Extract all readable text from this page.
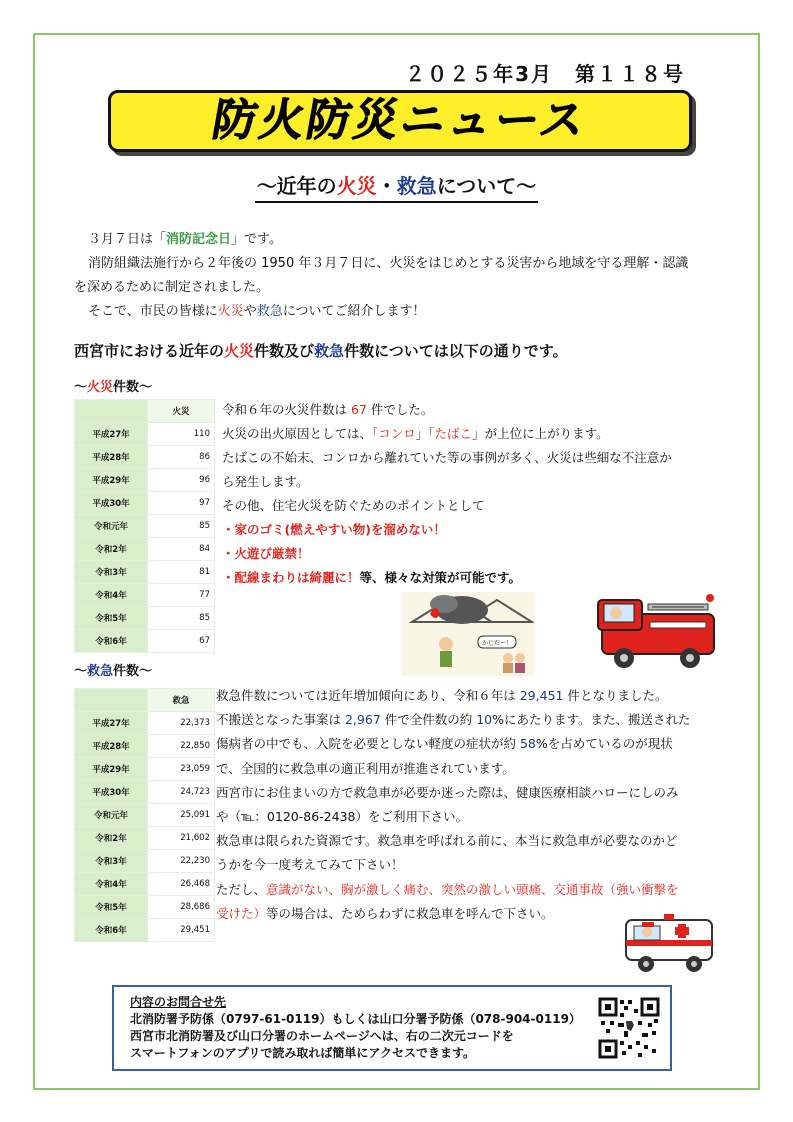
２０２５年3月　第１１８号
防火防災ニュース
～近年の火災・救急について～

３月７日は「消防記念日」です。

消防組織法施行から２年後の 1950 年３月７日に、火災をはじめとする災害から地域を守る理解・認識

を深めるために制定されました。

そこで、市民の皆様に火災や救急についてご紹介します！

西宮市における近年の火災件数及び救急件数については以下の通りです。
～火災件数～
	火災
平成27年	110
平成28年	86
平成29年	96
平成30年	97
令和元年	85
令和2年	84
令和3年	81
令和4年	77
令和5年	85
令和6年	67

令和６年の火災件数は 67 件でした。

火災の出火原因としては、「コンロ」「たばこ」が上位に上がります。

たばこの不始末、コンロから離れていた等の事例が多く、火災は些細な不注意か

ら発生します。

その他、住宅火災を防ぐためのポイントとして

・家のゴミ(燃えやすい物)を溜めない！

・火遊び厳禁！

・配線まわりは綺麗に！等、様々な対策が可能です。

かじだー！
～救急件数～
	救急
平成27年	22,373
平成28年	22,850
平成29年	23,059
平成30年	24,723
令和元年	25,091
令和2年	21,602
令和3年	22,230
令和4年	26,468
令和5年	28,686
令和6年	29,451

救急件数については近年増加傾向にあり、令和６年は 29,451 件となりました。

不搬送となった事案は 2,967 件で全件数の約 10%にあたります。また、搬送された

傷病者の中でも、入院を必要としない軽度の症状が約 58%を占めているのが現状

で、全国的に救急車の適正利用が推進されています。

西宮市にお住まいの方で救急車が必要か迷った際は、健康医療相談ハローにしのみ

や（℡：0120-86-2438）をご利用下さい。

救急車は限られた資源です。救急車を呼ばれる前に、本当に救急車が必要なのかど

うかを今一度考えてみて下さい！

ただし、意識がない、胸が激しく痛む、突然の激しい頭痛、交通事故（強い衝撃を

受けた）等の場合は、ためらわずに救急車を呼んで下さい。

内容のお問合せ先
北消防署予防係（0797-61-0119）もしくは山口分署予防係（078-904-0119）
西宮市北消防署及び山口分署のホームページへは、右の二次元コードを
スマートフォンのアプリで読み取れば簡単にアクセスできます。
